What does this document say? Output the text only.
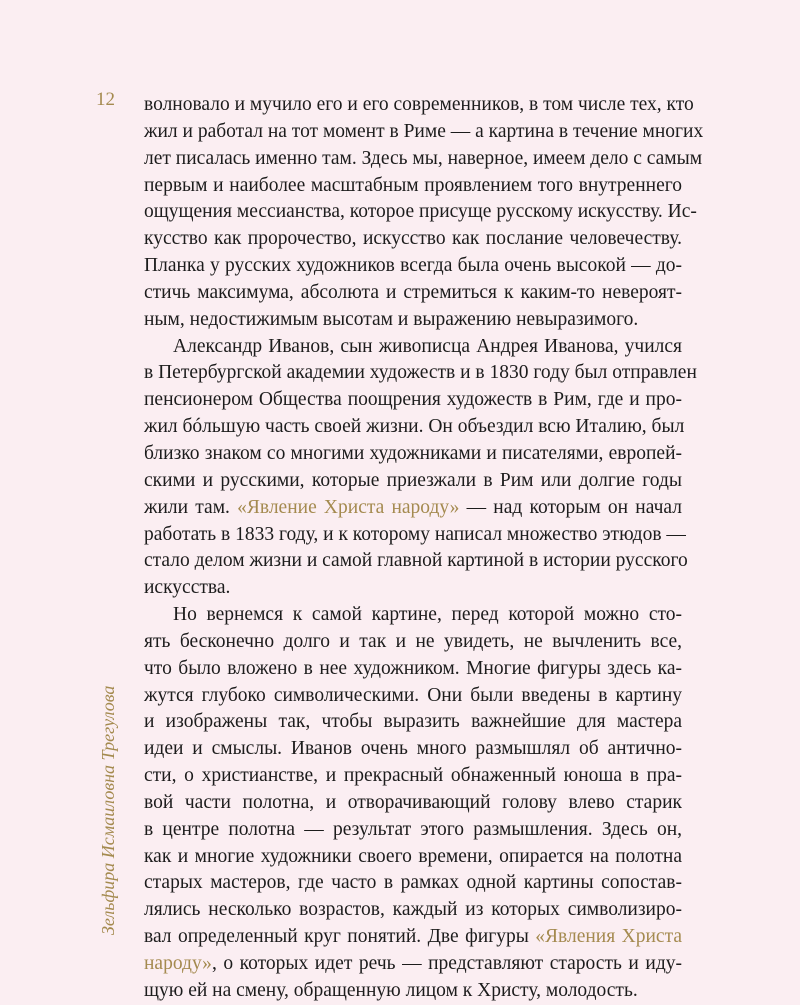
12
Зельфира Исмаиловна Трегулова
волновало и мучило его и его современников, в том числе тех, кто
жил и работал на тот момент в Риме — а картина в течение многих
лет писалась именно там. Здесь мы, наверное, имеем дело с самым
первым и наиболее масштабным проявлением того внутреннего
ощущения мессианства, которое присуще русскому искусству. Ис-
кусство как пророчество, искусство как послание человечеству.
Планка у русских художников всегда была очень высокой — до-
стичь максимума, абсолюта и стремиться к каким-то невероят-
ным, недостижимым высотам и выражению невыразимого.
Александр Иванов, сын живописца Андрея Иванова, учился
в Петербургской академии художеств и в 1830 году был отправлен
пенсионером Общества поощрения художеств в Рим, где и про-
жил бóльшую часть своей жизни. Он объездил всю Италию, был
близко знаком со многими художниками и писателями, европей-
скими и русскими, которые приезжали в Рим или долгие годы
жили там. «Явление Христа народу» — над которым он начал
работать в 1833 году, и к которому написал множество этюдов —
стало делом жизни и самой главной картиной в истории русского
искусства.
Но вернемся к самой картине, перед которой можно сто-
ять бесконечно долго и так и не увидеть, не вычленить все,
что было вложено в нее художником. Многие фигуры здесь ка-
жутся глубоко символическими. Они были введены в картину
и изображены так, чтобы выразить важнейшие для мастера
идеи и смыслы. Иванов очень много размышлял об антично-
сти, о христианстве, и прекрасный обнаженный юноша в пра-
вой части полотна, и отворачивающий голову влево старик
в центре полотна — результат этого размышления. Здесь он,
как и многие художники своего времени, опирается на полотна
старых мастеров, где часто в рамках одной картины сопостав-
лялись несколько возрастов, каждый из которых символизиро-
вал определенный круг понятий. Две фигуры «Явления Христа
народу», о которых идет речь — представляют старость и иду-
щую ей на смену, обращенную лицом к Христу, молодость.
